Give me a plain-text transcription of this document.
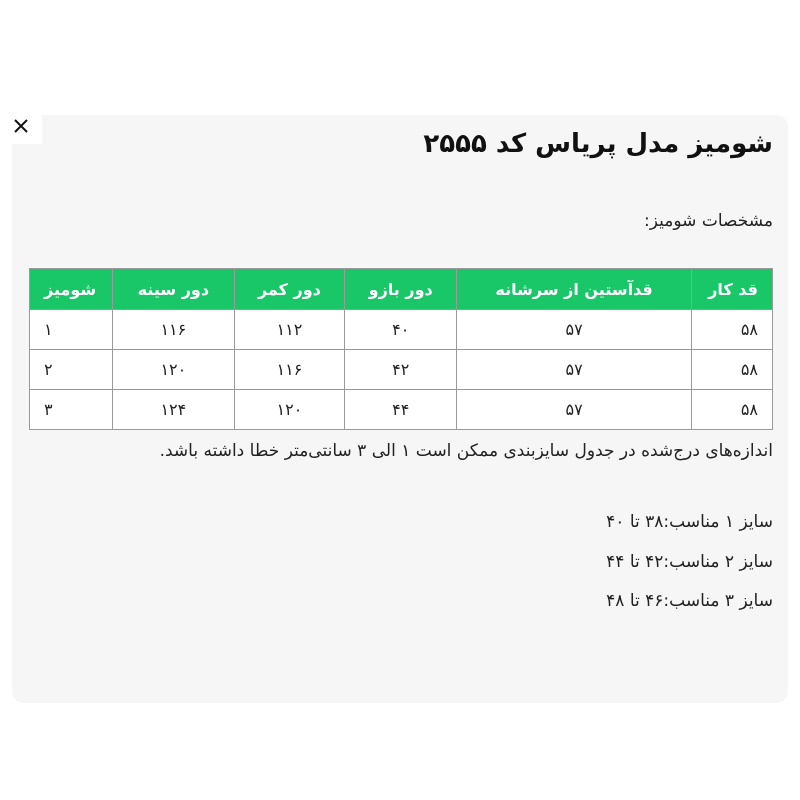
شومیز مدل پریاس کد ۲۵۵۵
مشخصات شومیز:
قد کار	قدآستین از سرشانه	دور بازو	دور کمر	دور سینه	شومیز
۵۸	۵۷	۴۰	۱۱۲	۱۱۶	۱
۵۸	۵۷	۴۲	۱۱۶	۱۲۰	۲
۵۸	۵۷	۴۴	۱۲۰	۱۲۴	۳
اندازه‌های درج‌شده در جدول سایزبندی ممکن است ۱ الی ۳ سانتی‌متر خطا داشته باشد.
سایز ۱ مناسب:۳۸ تا ۴۰
سایز ۲ مناسب:۴۲ تا ۴۴
سایز ۳ مناسب:۴۶ تا ۴۸
